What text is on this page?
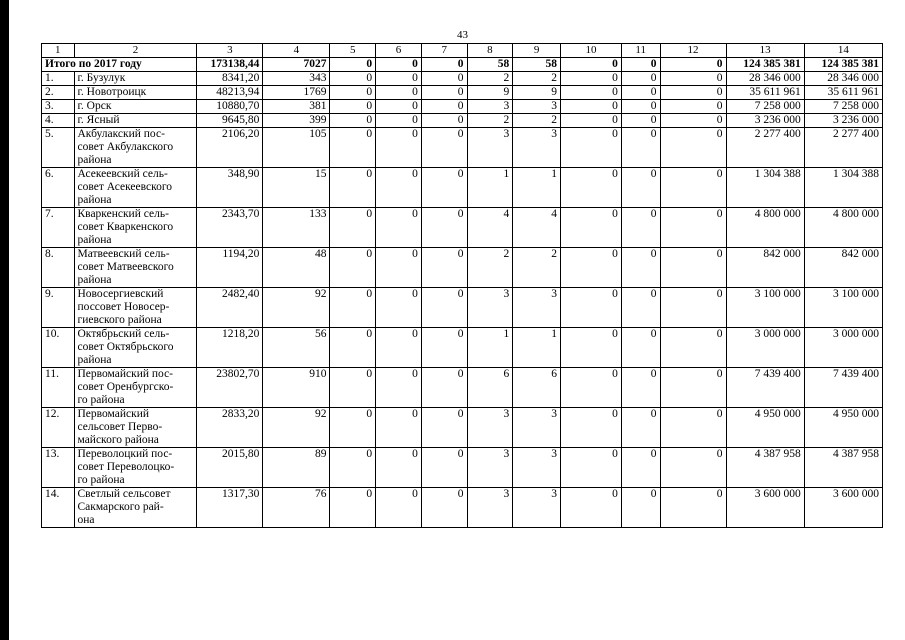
43
1	2	3	4	5	6	7	8	9	10	11	12	13	14
Итого по 2017 году		173138,44	7027	0	0	0	58	58	0	0	0	124 385 381	124 385 381
1.	г. Бузулук	8341,20	343	0	0	0	2	2	0	0	0	28 346 000	28 346 000
2.	г. Новотроицк	48213,94	1769	0	0	0	9	9	0	0	0	35 611 961	35 611 961
3.	г. Орск	10880,70	381	0	0	0	3	3	0	0	0	7 258 000	7 258 000
4.	г. Ясный	9645,80	399	0	0	0	2	2	0	0	0	3 236 000	3 236 000
5.	Акбулакский пос-
совет Акбулакского
района	2106,20	105	0	0	0	3	3	0	0	0	2 277 400	2 277 400
6.	Асекеевский сель-
совет Асекеевского
района	348,90	15	0	0	0	1	1	0	0	0	1 304 388	1 304 388
7.	Кваркенский сель-
совет Кваркенского
района	2343,70	133	0	0	0	4	4	0	0	0	4 800 000	4 800 000
8.	Матвеевский сель-
совет Матвеевского
района	1194,20	48	0	0	0	2	2	0	0	0	842 000	842 000
9.	Новосергиевский
поссовет Новосер-
гиевского района	2482,40	92	0	0	0	3	3	0	0	0	3 100 000	3 100 000
10.	Октябрьский сель-
совет Октябрьского
района	1218,20	56	0	0	0	1	1	0	0	0	3 000 000	3 000 000
11.	Первомайский пос-
совет Оренбургско-
го района	23802,70	910	0	0	0	6	6	0	0	0	7 439 400	7 439 400
12.	Первомайский
сельсовет Перво-
майского района	2833,20	92	0	0	0	3	3	0	0	0	4 950 000	4 950 000
13.	Переволоцкий пос-
совет Переволоцко-
го района	2015,80	89	0	0	0	3	3	0	0	0	4 387 958	4 387 958
14.	Светлый сельсовет
Сакмарского рай-
она	1317,30	76	0	0	0	3	3	0	0	0	3 600 000	3 600 000
